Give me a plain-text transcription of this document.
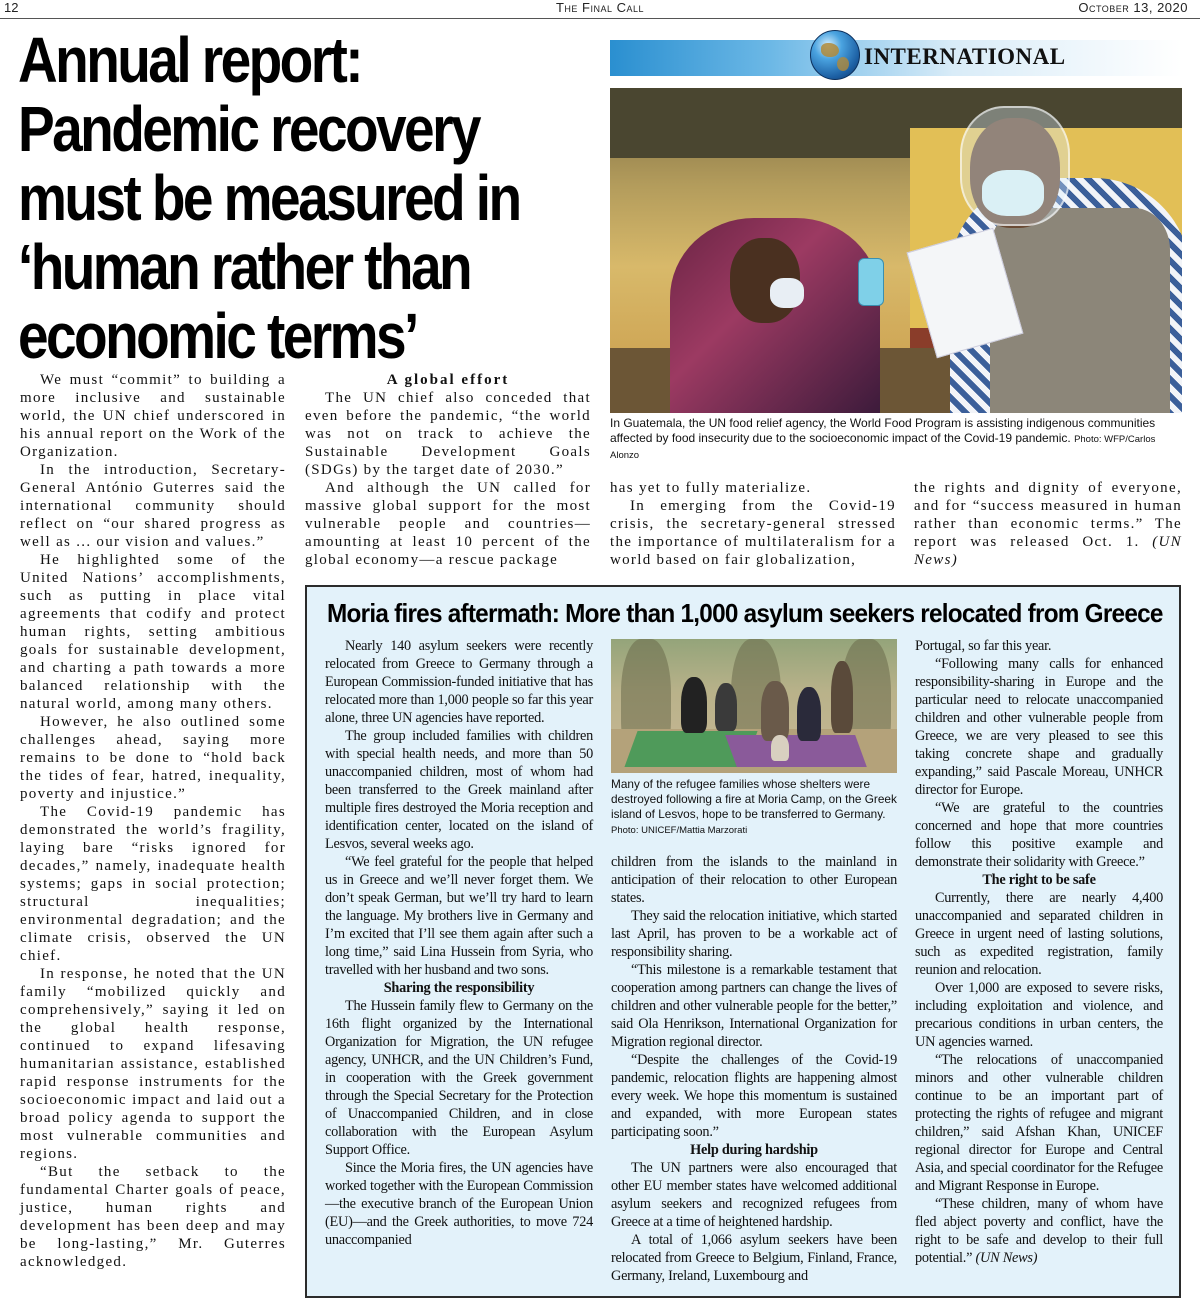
12	The Final Call	October 13, 2020
Annual report: Pandemic recovery must be measured in ‘human rather than economic terms’
INTERNATIONAL
In Guatemala, the UN food relief agency, the World Food Program is assisting indigenous communities affected by food insecurity due to the socioeconomic impact of the Covid-19 pandemic. Photo: WFP/Carlos Alonzo

We must “commit” to building a more inclusive and sustainable world, the UN chief underscored in his annual report on the Work of the Organization.

In the introduction, Secretary-General António Guterres said the international community should reflect on “our shared progress as well as ... our vision and values.”

He highlighted some of the United Nations’ accomplishments, such as putting in place vital agreements that codify and protect human rights, setting ambitious goals for sustainable development, and charting a path towards a more balanced relationship with the natural world, among many others.

However, he also outlined some challenges ahead, saying more remains to be done to “hold back the tides of fear, hatred, inequality, poverty and injustice.”

The Covid-19 pandemic has demonstrated the world’s fragility, laying bare “risks ignored for decades,” namely, inadequate health systems; gaps in social protection; structural inequalities; environmental degradation; and the climate crisis, observed the UN chief.

In response, he noted that the UN family “mobilized quickly and comprehensively,” saying it led on the global health response, continued to expand lifesaving humanitarian assistance, established rapid response instruments for the socioeconomic impact and laid out a broad policy agenda to support the most vulnerable communities and regions.

“But the setback to the fundamental Charter goals of peace, justice, human rights and development has been deep and may be long-lasting,” Mr. Guterres acknowledged.

A global effort

The UN chief also conceded that even before the pandemic, “the world was not on track to achieve the Sustainable Development Goals (SDGs) by the target date of 2030.”

And although the UN called for massive global support for the most vulnerable people and countries—amounting at least 10 percent of the global economy—a rescue package

has yet to fully materialize.

In emerging from the Covid-19 crisis, the secretary-general stressed the importance of multilateralism for a world based on fair globalization,

the rights and dignity of everyone, and for “success measured in human rather than economic terms.” The report was released Oct. 1. (UN News)

Moria fires aftermath: More than 1,000 asylum seekers relocated from Greece

Nearly 140 asylum seekers were recently relocated from Greece to Germany through a European Commission-funded initiative that has relocated more than 1,000 people so far this year alone, three UN agencies have reported.

The group included families with children with special health needs, and more than 50 unaccompanied children, most of whom had been transferred to the Greek mainland after multiple fires destroyed the Moria reception and identification center, located on the island of Lesvos, several weeks ago.

“We feel grateful for the people that helped us in Greece and we’ll never forget them. We don’t speak German, but we’ll try hard to learn the language. My brothers live in Germany and I’m excited that I’ll see them again after such a long time,” said Lina Hussein from Syria, who travelled with her husband and two sons.

Sharing the responsibility

The Hussein family flew to Germany on the 16th flight organized by the International Organization for Migration, the UN refugee agency, UNHCR, and the UN Children’s Fund, in cooperation with the Greek government through the Special Secretary for the Protection of Unaccompanied Children, and in close collaboration with the European Asylum Support Office.

Since the Moria fires, the UN agencies have worked together with the European Commission—the executive branch of the European Union (EU)—and the Greek authorities, to move 724 unaccompanied

Many of the refugee families whose shelters were destroyed following a fire at Moria Camp, on the Greek island of Lesvos, hope to be transferred to Germany. Photo: UNICEF/Mattia Marzorati

children from the islands to the mainland in anticipation of their relocation to other European states.

They said the relocation initiative, which started last April, has proven to be a workable act of responsibility sharing.

“This milestone is a remarkable testament that cooperation among partners can change the lives of children and other vulnerable people for the better,” said Ola Henrikson, International Organization for Migration regional director.

“Despite the challenges of the Covid-19 pandemic, relocation flights are happening almost every week. We hope this momentum is sustained and expanded, with more European states participating soon.”

Help during hardship

The UN partners were also encouraged that other EU member states have welcomed additional asylum seekers and recognized refugees from Greece at a time of heightened hardship.

A total of 1,066 asylum seekers have been relocated from Greece to Belgium, Finland, France, Germany, Ireland, Luxembourg and

Portugal, so far this year.

“Following many calls for enhanced responsibility-sharing in Europe and the particular need to relocate unaccompanied children and other vulnerable people from Greece, we are very pleased to see this taking concrete shape and gradually expanding,” said Pascale Moreau, UNHCR director for Europe.

“We are grateful to the countries concerned and hope that more countries follow this positive example and demonstrate their solidarity with Greece.”

The right to be safe

Currently, there are nearly 4,400 unaccompanied and separated children in Greece in urgent need of lasting solutions, such as expedited registration, family reunion and relocation.

Over 1,000 are exposed to severe risks, including exploitation and violence, and precarious conditions in urban centers, the UN agencies warned.

“The relocations of unaccompanied minors and other vulnerable children continue to be an important part of protecting the rights of refugee and migrant children,” said Afshan Khan, UNICEF regional director for Europe and Central Asia, and special coordinator for the Refugee and Migrant Response in Europe.

“These children, many of whom have fled abject poverty and conflict, have the right to be safe and develop to their full potential.” (UN News)
